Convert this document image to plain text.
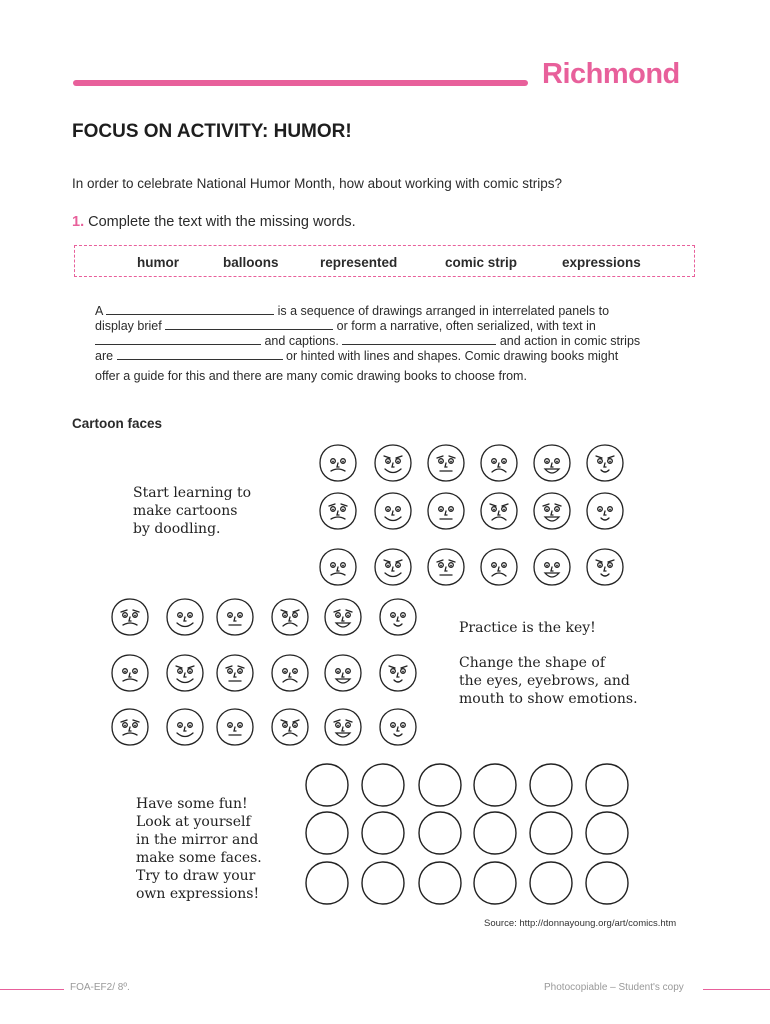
Richmond
FOCUS ON ACTIVITY: HUMOR!
In order to celebrate National Humor Month, how about working with comic strips?
1. Complete the text with the missing words.
humor	balloons	represented	comic strip	expressions
A	is a sequence of drawings arranged in interrelated panels to
display brief	or form a narrative, often serialized, with text in
and captions.	and action in comic strips
are	or hinted with lines and shapes. Comic drawing books might
offer a guide for this and there are many comic drawing books to choose from.
Cartoon faces
Start learning to
make cartoons
by doodling.
Practice is the key!
Change the shape of
the eyes, eyebrows, and
mouth to show emotions.
Have some fun!
Look at yourself
in the mirror and
make some faces.
Try to draw your
own expressions!
Source: http://donnayoung.org/art/comics.htm
FOA-EF2/ 8º.	Photocopiable – Student's copy
